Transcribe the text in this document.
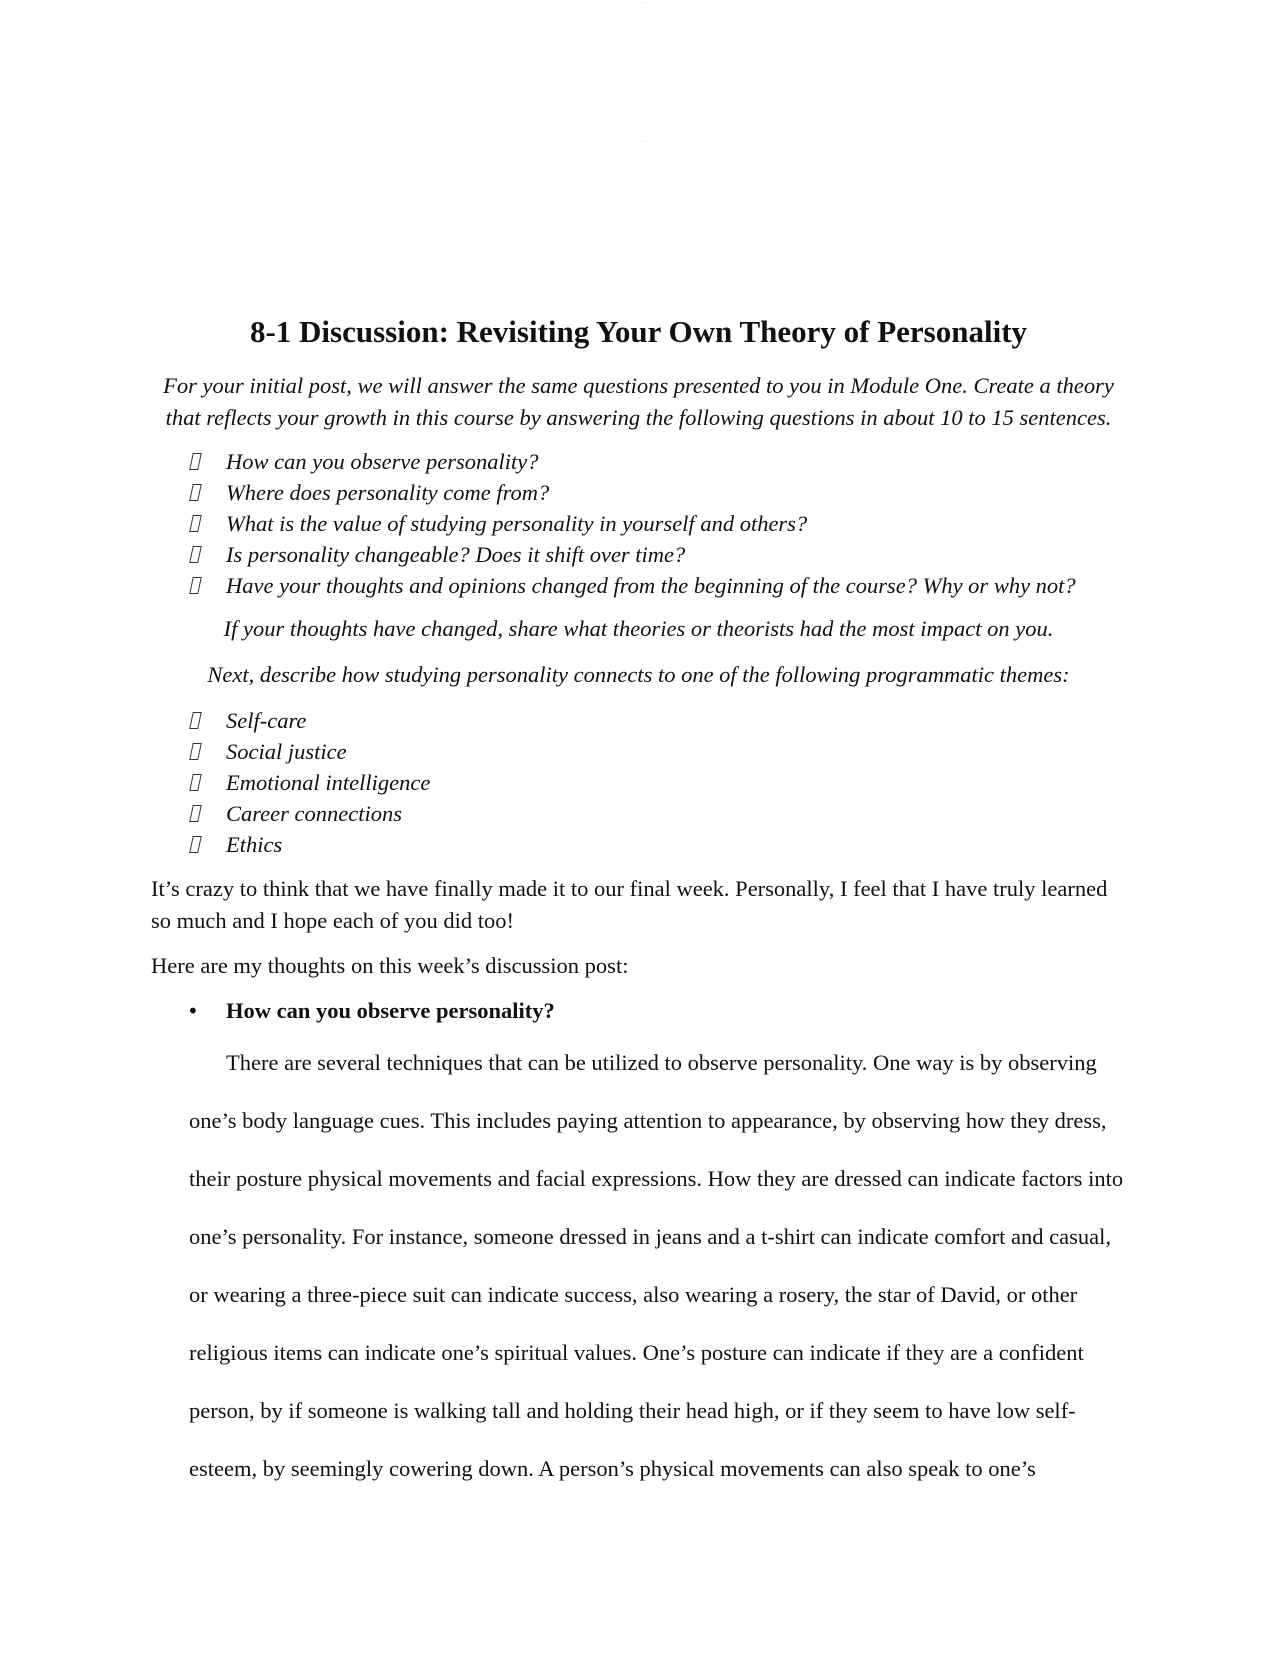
··· ··· ·· ·····
··· ··· ·· ·····
8-1 Discussion: Revisiting Your Own Theory of Personality

For your initial post, we will answer the same questions presented to you in Module One. Create a theory that reflects your growth in this course by answering the following questions in about 10 to 15 sentences.

How can you observe personality?
Where does personality come from?
What is the value of studying personality in yourself and others?
Is personality changeable? Does it shift over time?
Have your thoughts and opinions changed from the beginning of the course? Why or why not?

If your thoughts have changed, share what theories or theorists had the most impact on you.

Next, describe how studying personality connects to one of the following programmatic themes:

Self-care
Social justice
Emotional intelligence
Career connections
Ethics

It’s crazy to think that we have finally made it to our final week. Personally, I feel that I have truly learned so much and I hope each of you did too!

Here are my thoughts on this week’s discussion post:

• How can you observe personality?

There are several techniques that can be utilized to observe personality. One way is by observing one’s body language cues. This includes paying attention to appearance, by observing how they dress, their posture physical movements and facial expressions. How they are dressed can indicate factors into one’s personality. For instance, someone dressed in jeans and a t-shirt can indicate comfort and casual, or wearing a three-piece suit can indicate success, also wearing a rosery, the star of David, or other religious items can indicate one’s spiritual values. One’s posture can indicate if they are a confident person, by if someone is walking tall and holding their head high, or if they seem to have low self-esteem, by seemingly cowering down. A person’s physical movements can also speak to one’s
